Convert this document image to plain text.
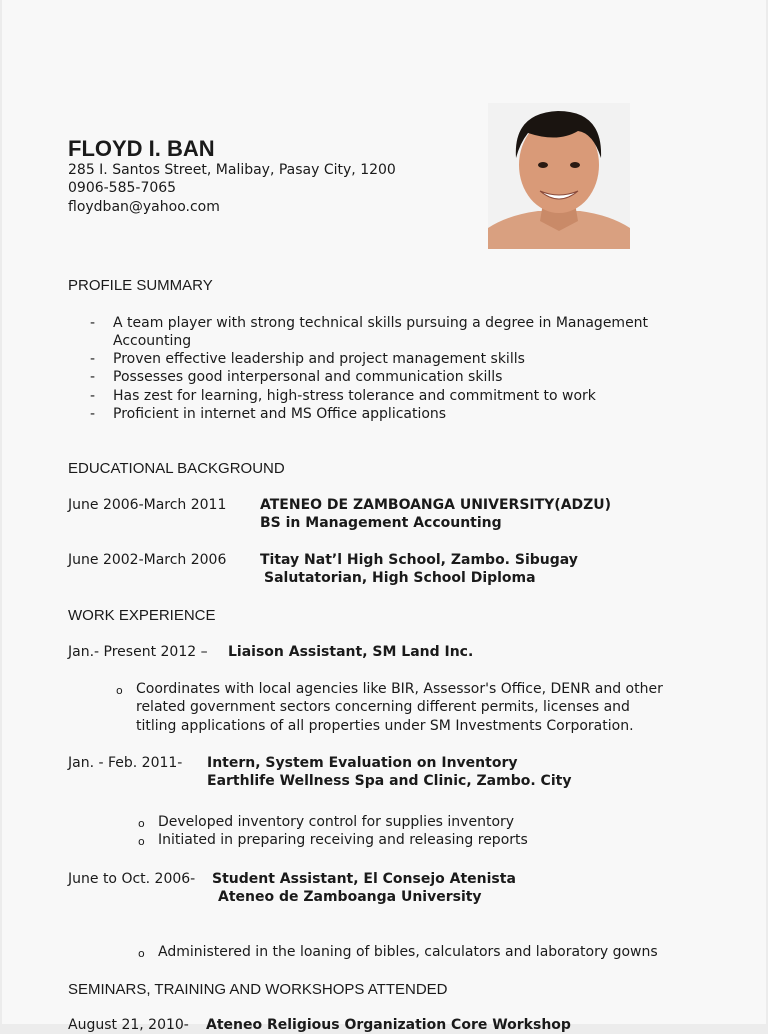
FLOYD I. BAN
285 I. Santos Street, Malibay, Pasay City, 1200
0906-585-7065
floydban@yahoo.com
PROFILE SUMMARY
- A team player with strong technical skills pursuing a degree in Management
Accounting
- Proven effective leadership and project management skills
- Possesses good interpersonal and communication skills
- Has zest for learning, high-stress tolerance and commitment to work
- Proficient in internet and MS Office applications
EDUCATIONAL BACKGROUND
June 2006-March 2011 ATENEO DE ZAMBOANGA UNIVERSITY(ADZU)
BS in Management Accounting
June 2002-March 2006 Titay Nat’l High School, Zambo. Sibugay
Salutatorian, High School Diploma
WORK EXPERIENCE
Jan.- Present 2012 – Liaison Assistant, SM Land Inc.
o Coordinates with local agencies like BIR, Assessor's Office, DENR and other
related government sectors concerning different permits, licenses and
titling applications of all properties under SM Investments Corporation.
Jan. - Feb. 2011- Intern, System Evaluation on Inventory
Earthlife Wellness Spa and Clinic, Zambo. City
o Developed inventory control for supplies inventory
o Initiated in preparing receiving and releasing reports
June to Oct. 2006- Student Assistant, El Consejo Atenista
Ateneo de Zamboanga University
o Administered in the loaning of bibles, calculators and laboratory gowns
SEMINARS, TRAINING AND WORKSHOPS ATTENDED
August 21, 2010- Ateneo Religious Organization Core Workshop
